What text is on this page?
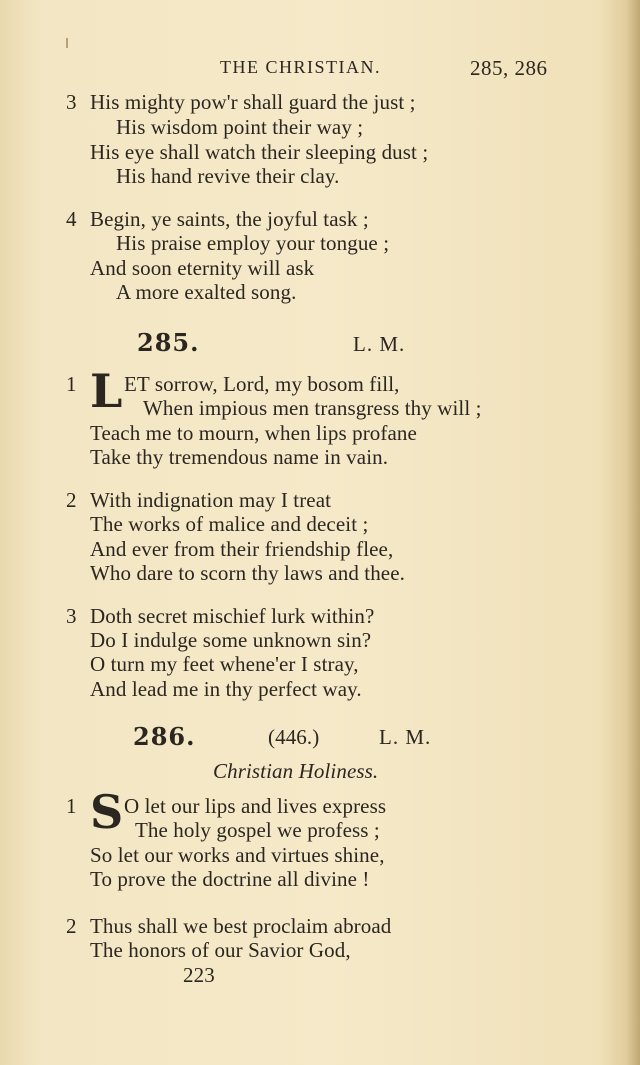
THE CHRISTIAN.	285, 286
3 His mighty pow'r shall guard the just ;
His wisdom point their way ;
His eye shall watch their sleeping dust ;
His hand revive their clay.
4 Begin, ye saints, the joyful task ;
His praise employ your tongue ;
And soon eternity will ask
A more exalted song.
285.	L. M.
1 L ET sorrow, Lord, my bosom fill,
When impious men transgress thy will ;
Teach me to mourn, when lips profane
Take thy tremendous name in vain.
2 With indignation may I treat
The works of malice and deceit ;
And ever from their friendship flee,
Who dare to scorn thy laws and thee.
3 Doth secret mischief lurk within?
Do I indulge some unknown sin?
O turn my feet whene'er I stray,
And lead me in thy perfect way.
286.	(446.)	L. M.
Christian Holiness.
1 S O let our lips and lives express
The holy gospel we profess ;
So let our works and virtues shine,
To prove the doctrine all divine !
2 Thus shall we best proclaim abroad
The honors of our Savior God,
223
